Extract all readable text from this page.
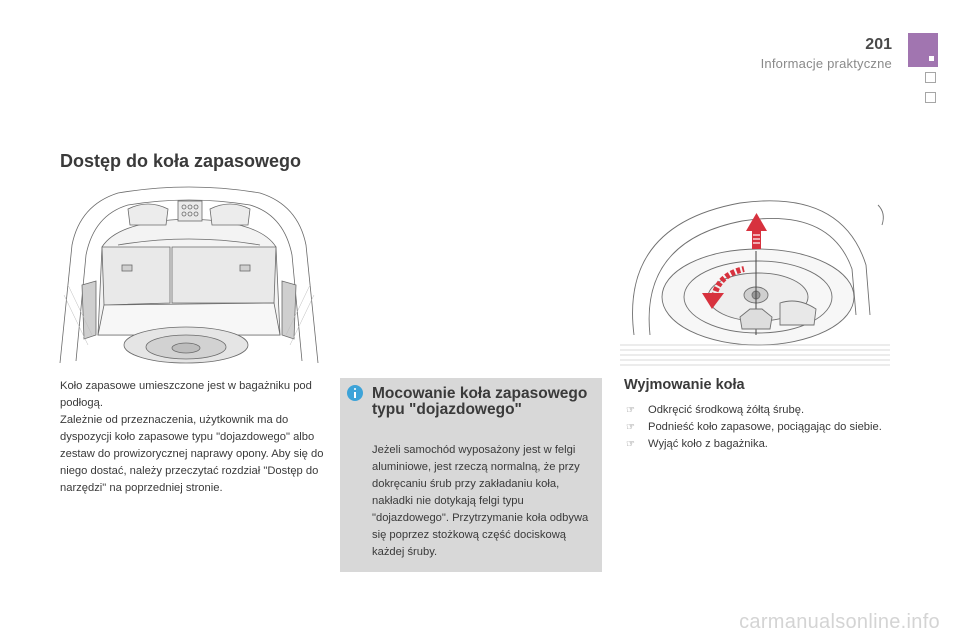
201
Informacje praktyczne
Dostęp do koła zapasowego

Koło zapasowe umieszczone jest w bagażniku pod podłogą.

Zależnie od przeznaczenia, użytkownik ma do dyspozycji koło zapasowe typu "dojazdowego" albo zestaw do prowizorycznej naprawy opony. Aby się do niego dostać, należy przeczytać rozdział "Dostęp do narzędzi" na poprzedniej stronie.

Mocowanie koła zapasowego typu "dojazdowego"
Jeżeli samochód wyposażony jest w felgi aluminiowe, jest rzeczą normalną, że przy dokręcaniu śrub przy zakładaniu koła, nakładki nie dotykają felgi typu "dojazdowego". Przytrzymanie koła odbywa się poprzez stożkową część dociskową każdej śruby.
Wyjmowanie koła
☞ Odkręcić środkową żółtą śrubę.
☞ Podnieść koło zapasowe, pociągając do siebie.
☞ Wyjąć koło z bagażnika.
carmanualsonline.info
